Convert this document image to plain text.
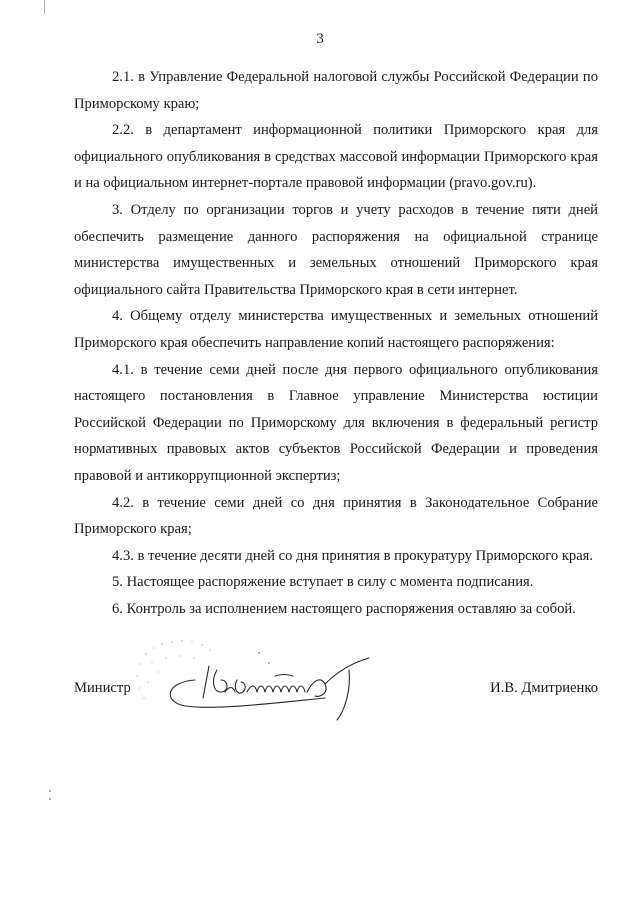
3

2.1. в Управление Федеральной налоговой службы Российской Федерации по Приморскому краю;

2.2. в департамент информационной политики Приморского края для официального опубликования в средствах массовой информации Приморского края и на официальном интернет-портале правовой информации (pravo.gov.ru).

3. Отделу по организации торгов и учету расходов в течение пяти дней обеспечить размещение данного распоряжения на официальной странице министерства имущественных и земельных отношений Приморского края официального сайта Правительства Приморского края в сети интернет.

4. Общему отделу министерства имущественных и земельных отношений Приморского края обеспечить направление копий настоящего распоряжения:

4.1. в течение семи дней после дня первого официального опубликования настоящего постановления в Главное управление Министерства юстиции Российской Федерации по Приморскому для включения в федеральный регистр нормативных правовых актов субъектов Российской Федерации и проведения правовой и антикоррупционной экспертиз;

4.2. в течение семи дней со дня принятия в Законодательное Собрание Приморского края;

4.3. в течение десяти дней со дня принятия в прокуратуру Приморского края.

5. Настоящее распоряжение вступает в силу с момента подписания.

6. Контроль за исполнением настоящего распоряжения оставляю за собой.

Министр	И.В. Дмитриенко
